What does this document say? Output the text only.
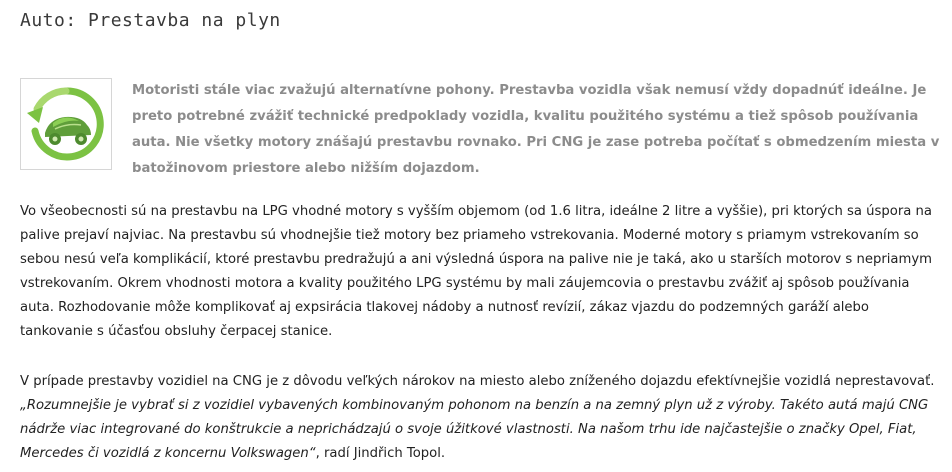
Auto: Prestavba na plyn

Motoristi stále viac zvažujú alternatívne pohony. Prestavba vozidla však nemusí vždy dopadnúť ideálne. Je preto potrebné zvážiť technické predpoklady vozidla, kvalitu použitého systému a tiež spôsob používania auta. Nie všetky motory znášajú prestavbu rovnako. Pri CNG je zase potreba počítať s obmedzením miesta v batožinovom priestore alebo nižším dojazdom.

Vo všeobecnosti sú na prestavbu na LPG vhodné motory s vyšším objemom (od 1.6 litra, ideálne 2 litre a vyššie), pri ktorých sa úspora na palive prejaví najviac. Na prestavbu sú vhodnejšie tiež motory bez priameho vstrekovania. Moderné motory s priamym vstrekovaním so sebou nesú veľa komplikácií, ktoré prestavbu predražujú a ani výsledná úspora na palive nie je taká, ako u starších motorov s nepriamym vstrekovaním. Okrem vhodnosti motora a kvality použitého LPG systému by mali záujemcovia o prestavbu zvážiť aj spôsob používania auta. Rozhodovanie môže komplikovať aj expsirácia tlakovej nádoby a nutnosť revízií, zákaz vjazdu do podzemných garáží alebo tankovanie s účasťou obsluhy čerpacej stanice.

V prípade prestavby vozidiel na CNG je z dôvodu veľkých nárokov na miesto alebo zníženého dojazdu efektívnejšie vozidlá neprestavovať.
„Rozumnejšie je vybrať si z vozidiel vybavených kombinovaným pohonom na benzín a na zemný plyn už z výroby. Takéto autá majú CNG nádrže viac integrované do konštrukcie a neprichádzajú o svoje úžitkové vlastnosti. Na našom trhu ide najčastejšie o značky Opel, Fiat, Mercedes či vozidlá z koncernu Volkswagen“, radí Jindřich Topol.
